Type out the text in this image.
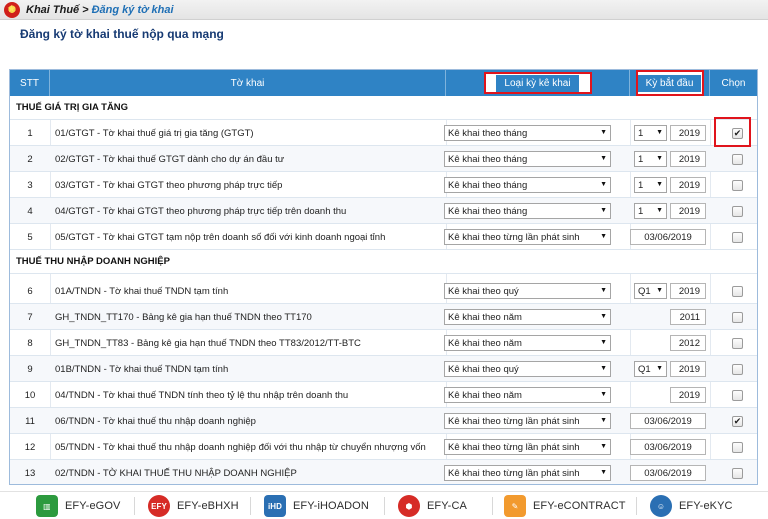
★
Khai Thuế > Đăng ký tờ khai
Đăng ký tờ khai thuế nộp qua mạng
STT	Tờ khai	Loại kỳ kê khai	Kỳ bắt đầu	Chọn
THUẾ GIÁ TRỊ GIA TĂNG
1	01/GTGT - Tờ khai thuế giá trị gia tăng (GTGT)	Kê khai theo tháng	▼	1 ▼	2019	✔
2	02/GTGT - Tờ khai thuế GTGT dành cho dự án đầu tư	Kê khai theo tháng	▼	1 ▼	2019
3	03/GTGT - Tờ khai GTGT theo phương pháp trực tiếp	Kê khai theo tháng	▼	1 ▼	2019
4	04/GTGT - Tờ khai GTGT theo phương pháp trực tiếp trên doanh thu	Kê khai theo tháng	▼	1 ▼	2019
5	05/GTGT - Tờ khai GTGT tạm nộp trên doanh số đối với kinh doanh ngoại tỉnh	Kê khai theo từng lần phát sinh	▼	03/06/2019
THUẾ THU NHẬP DOANH NGHIỆP
6	01A/TNDN - Tờ khai thuế TNDN tạm tính	Kê khai theo quý	▼	Q1 ▼	2019
7	GH_TNDN_TT170 - Bảng kê gia hạn thuế TNDN theo TT170	Kê khai theo năm	▼	2011
8	GH_TNDN_TT83 - Bảng kê gia hạn thuế TNDN theo TT83/2012/TT-BTC	Kê khai theo năm	▼	2012
9	01B/TNDN - Tờ khai thuế TNDN tạm tính	Kê khai theo quý	▼	Q1 ▼	2019
10	04/TNDN - Tờ khai thuế TNDN tính theo tỷ lệ thu nhập trên doanh thu	Kê khai theo năm	▼	2019
11	06/TNDN - Tờ khai thuế thu nhập doanh nghiệp	Kê khai theo từng lần phát sinh	▼	03/06/2019	✔
12	05/TNDN - Tờ khai thuế thu nhập doanh nghiệp đối với thu nhập từ chuyển nhượng vốn	Kê khai theo từng lần phát sinh	▼	03/06/2019
13	02/TNDN - TỜ KHAI THUẾ THU NHẬP DOANH NGHIỆP	Kê khai theo từng lần phát sinh	▼	03/06/2019
▥	EFY-eGOV	EFY EFY-eBHXH	iHD EFY-iHOADON	⬢	EFY-CA	✎	EFY-eCONTRACT	☺	EFY-eKYC
